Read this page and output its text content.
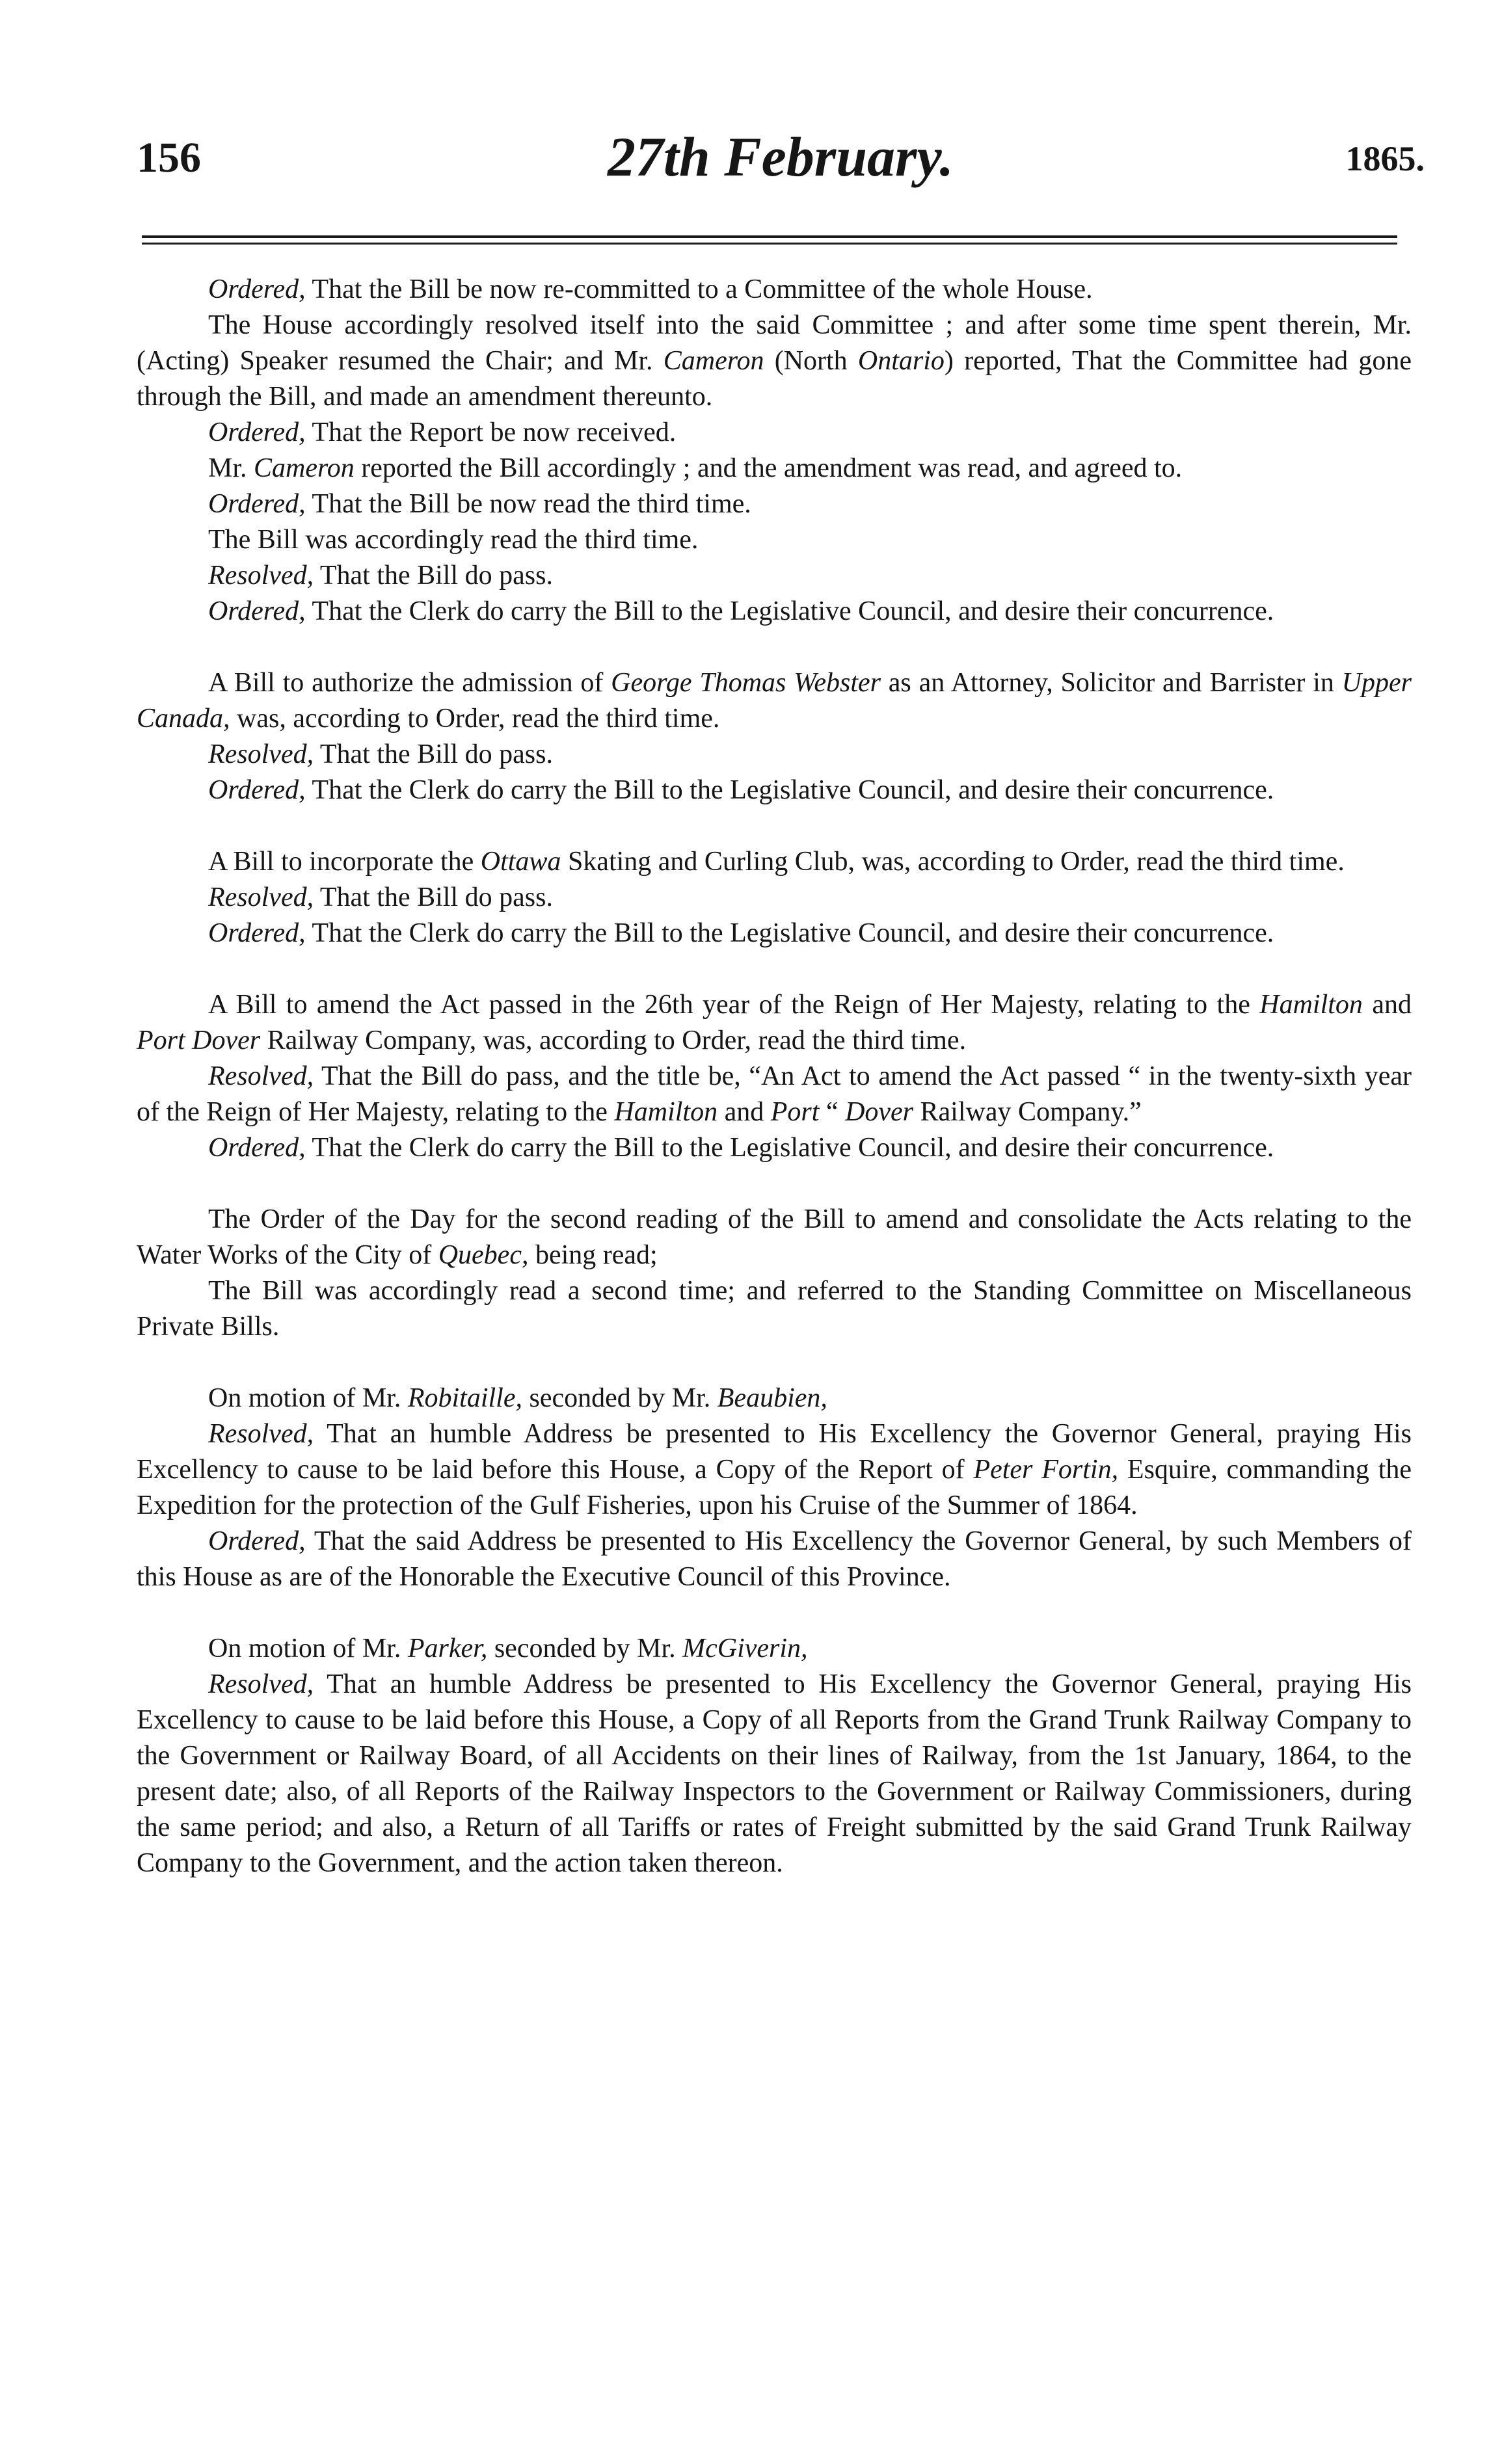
156	27th February.	1865.

Ordered, That the Bill be now re-committed to a Committee of the whole House.

The House accordingly resolved itself into the said Committee ; and after some time spent therein, Mr. (Acting) Speaker resumed the Chair; and Mr. Cameron (North Ontario) reported, That the Committee had gone through the Bill, and made an amendment thereunto.

Ordered, That the Report be now received.

Mr. Cameron reported the Bill accordingly ; and the amendment was read, and agreed to.

Ordered, That the Bill be now read the third time.

The Bill was accordingly read the third time.

Resolved, That the Bill do pass.

Ordered, That the Clerk do carry the Bill to the Legislative Council, and desire their concurrence.

A Bill to authorize the admission of George Thomas Webster as an Attorney, Solicitor and Barrister in Upper Canada, was, according to Order, read the third time.

Resolved, That the Bill do pass.

Ordered, That the Clerk do carry the Bill to the Legislative Council, and desire their concurrence.

A Bill to incorporate the Ottawa Skating and Curling Club, was, according to Order, read the third time.

Resolved, That the Bill do pass.

Ordered, That the Clerk do carry the Bill to the Legislative Council, and desire their concurrence.

A Bill to amend the Act passed in the 26th year of the Reign of Her Majesty, relating to the Hamilton and Port Dover Railway Company, was, according to Order, read the third time.

Resolved, That the Bill do pass, and the title be, “An Act to amend the Act passed “ in the twenty-sixth year of the Reign of Her Majesty, relating to the Hamilton and Port “ Dover Railway Company.”

Ordered, That the Clerk do carry the Bill to the Legislative Council, and desire their concurrence.

The Order of the Day for the second reading of the Bill to amend and consolidate the Acts relating to the Water Works of the City of Quebec, being read;

The Bill was accordingly read a second time; and referred to the Standing Committee on Miscellaneous Private Bills.

On motion of Mr. Robitaille, seconded by Mr. Beaubien,

Resolved, That an humble Address be presented to His Excellency the Governor General, praying His Excellency to cause to be laid before this House, a Copy of the Report of Peter Fortin, Esquire, commanding the Expedition for the protection of the Gulf Fisheries, upon his Cruise of the Summer of 1864.

Ordered, That the said Address be presented to His Excellency the Governor General, by such Members of this House as are of the Honorable the Executive Council of this Province.

On motion of Mr. Parker, seconded by Mr. McGiverin,

Resolved, That an humble Address be presented to His Excellency the Governor General, praying His Excellency to cause to be laid before this House, a Copy of all Reports from the Grand Trunk Railway Company to the Government or Railway Board, of all Accidents on their lines of Railway, from the 1st January, 1864, to the present date; also, of all Reports of the Railway Inspectors to the Government or Railway Commissioners, during the same period; and also, a Return of all Tariffs or rates of Freight submitted by the said Grand Trunk Railway Company to the Government, and the action taken thereon.
